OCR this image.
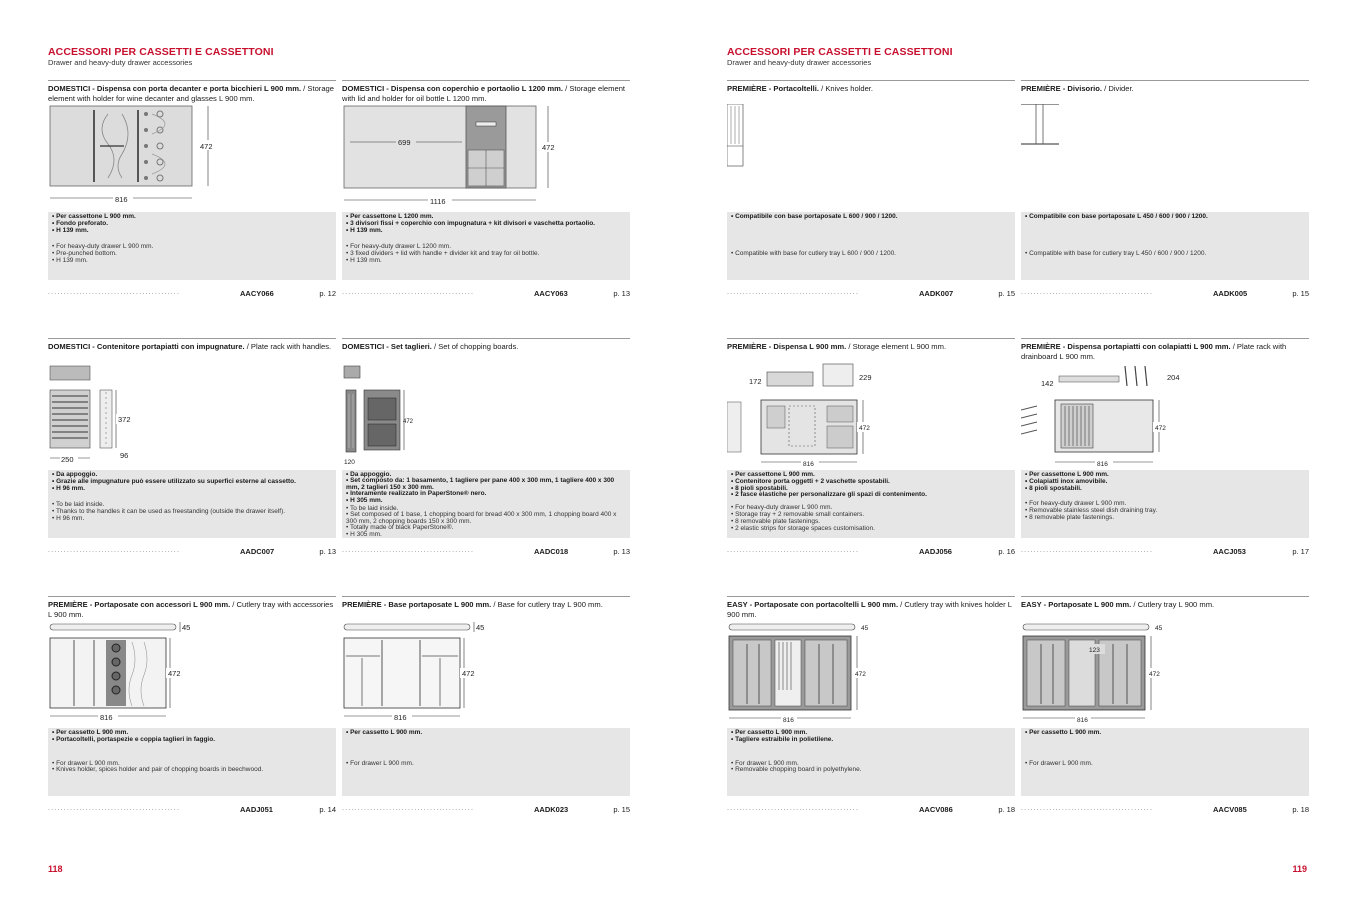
ACCESSORI PER CASSETTI E CASSETTONI
Drawer and heavy-duty drawer accessories
DOMESTICI - Dispensa con porta decanter e porta bicchieri L 900 mm. / Storage element with holder for wine decanter and glasses L 900 mm.
816
472
• Per cassettone L 900 mm.
• Fondo preforato.
• H 139 mm.
• For heavy-duty drawer L 900 mm.
• Pre-punched bottom.
• H 139 mm.
..........................................	AACY066	p. 12
DOMESTICI - Dispensa con coperchio e portaolio L 1200 mm. / Storage element with lid and holder for oil bottle L 1200 mm.
699
1116
472
• Per cassettone L 1200 mm.
• 3 divisori fissi + coperchio con impugnatura + kit divisori e vaschetta portaolio.
• H 139 mm.
• For heavy-duty drawer L 1200 mm.
• 3 fixed dividers + lid with handle + divider kit and tray for oil bottle.
• H 139 mm.
..........................................	AACY063	p. 13
DOMESTICI - Contenitore portapiatti con impugnature. / Plate rack with handles.
372
250	96
• Da appoggio.
• Grazie alle impugnature può essere utilizzato su superfici esterne al cassetto.
• H 96 mm.
• To be laid inside.
• Thanks to the handles it can be used as freestanding (outside the drawer itself).
• H 96 mm.
..........................................	AADC007	p. 13
DOMESTICI - Set taglieri. / Set of chopping boards.
472
120
• Da appoggio.
• Set composto da: 1 basamento, 1 tagliere per pane 400 x 300 mm, 1 tagliere 400 x 300 mm, 2 taglieri 150 x 300 mm.
• Interamente realizzato in PaperStone® nero.
• H 305 mm.
• To be laid inside.
• Set composed of 1 base, 1 chopping board for bread 400 x 300 mm, 1 chopping board 400 x 300 mm, 2 chopping boards 150 x 300 mm.
• Totally made of black PaperStone®.
• H 305 mm.
..........................................	AADC018	p. 13
PREMIÈRE - Portaposate con accessori L 900 mm. / Cutlery tray with accessories L 900 mm.
45
472
816
• Per cassetto L 900 mm.
• Portacoltelli, portaspezie e coppia taglieri in faggio.
• For drawer L 900 mm.
• Knives holder, spices holder and pair of chopping boards in beechwood.
..........................................	AADJ051	p. 14
PREMIÈRE - Base portaposate L 900 mm. / Base for cutlery tray L 900 mm.
45
472
816
• Per cassetto L 900 mm.
• For drawer L 900 mm.
..........................................	AADK023	p. 15
118
ACCESSORI PER CASSETTI E CASSETTONI
Drawer and heavy-duty drawer accessories
PREMIÈRE - Portacoltelli. / Knives holder.
• Compatibile con base portaposate L 600 / 900 / 1200.
• Compatible with base for cutlery tray L 600 / 900 / 1200.
..........................................	AADK007	p. 15
PREMIÈRE - Divisorio. / Divider.
• Compatibile con base portaposate L 450 / 600 / 900 / 1200.
• Compatible with base for cutlery tray L 450 / 600 / 900 / 1200.
..........................................	AADK005	p. 15
PREMIÈRE - Dispensa L 900 mm. / Storage element L 900 mm.
172	229
472
816
• Per cassettone L 900 mm.
• Contenitore porta oggetti + 2 vaschette spostabili.
• 8 pioli spostabili.
• 2 fasce elastiche per personalizzare gli spazi di contenimento.
• For heavy-duty drawer L 900 mm.
• Storage tray + 2 removable small containers.
• 8 removable plate fastenings.
• 2 elastic strips for storage spaces customisation.
..........................................	AADJ056	p. 16
PREMIÈRE - Dispensa portapiatti con colapiatti L 900 mm. / Plate rack with drainboard L 900 mm.
142
204
472
816
• Per cassettone L 900 mm.
• Colapiatti inox amovibile.
• 8 pioli spostabili.
• For heavy-duty drawer L 900 mm.
• Removable stainless steel dish draining tray.
• 8 removable plate fastenings.
..........................................	AACJ053	p. 17
EASY - Portaposate con portacoltelli L 900 mm. / Cutlery tray with knives holder L 900 mm.
45
472
816
• Per cassetto L 900 mm.
• Tagliere estraibile in polietilene.
• For drawer L 900 mm.
• Removable chopping board in polyethylene.
..........................................	AACV086	p. 18
EASY - Portaposate L 900 mm. / Cutlery tray L 900 mm.
45
123
472
816
• Per cassetto L 900 mm.
• For drawer L 900 mm.
..........................................	AACV085	p. 18
119
